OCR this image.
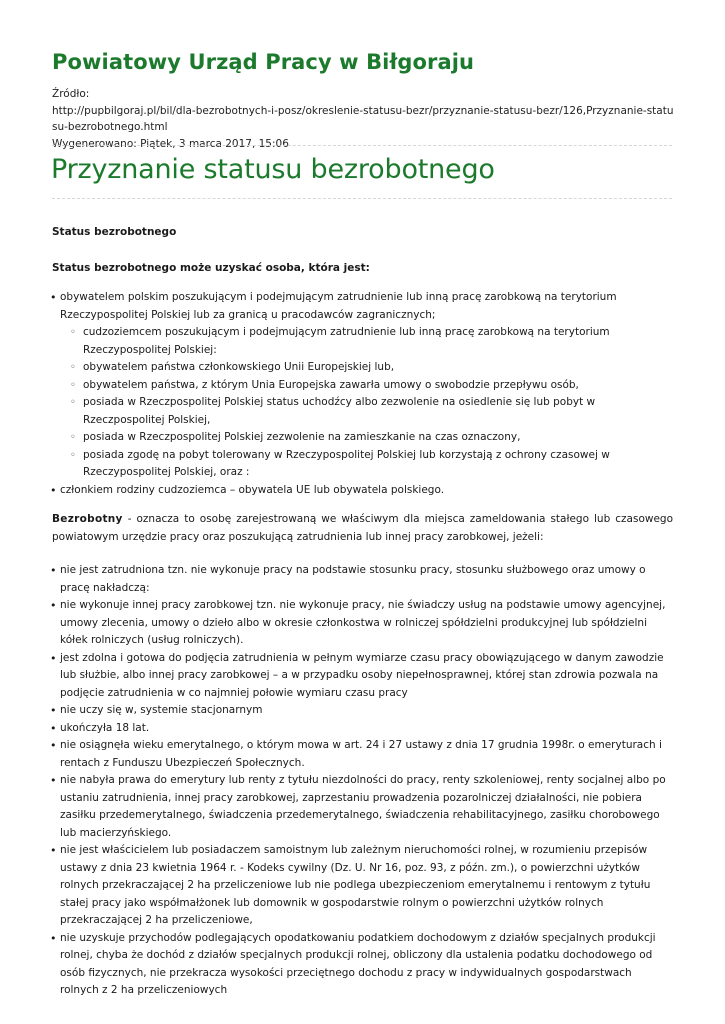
Powiatowy Urząd Pracy w Biłgoraju
Źródło:
http://pupbilgoraj.pl/bil/dla-bezrobotnych-i-posz/okreslenie-statusu-bezr/przyznanie-statusu-bezr/126,Przyznanie-statusu-bezrobotnego.html
Wygenerowano: Piątek, 3 marca 2017, 15:06
Przyznanie statusu bezrobotnego

Status bezrobotnego

Status bezrobotnego może uzyskać osoba, która jest:

• obywatelem polskim poszukującym i podejmującym zatrudnienie lub inną pracę zarobkową na terytorium Rzeczypospolitej Polskiej lub za granicą u pracodawców zagranicznych;
◦ cudzoziemcem poszukującym i podejmującym zatrudnienie lub inną pracę zarobkową na terytorium Rzeczypospolitej Polskiej:
◦ obywatelem państwa członkowskiego Unii Europejskiej lub,
◦ obywatelem państwa, z którym Unia Europejska zawarła umowy o swobodzie przepływu osób,
◦ posiada w Rzeczpospolitej Polskiej status uchodźcy albo zezwolenie na osiedlenie się lub pobyt w Rzeczpospolitej Polskiej,
◦ posiada w Rzeczpospolitej Polskiej zezwolenie na zamieszkanie na czas oznaczony,
◦ posiada zgodę na pobyt tolerowany w Rzeczypospolitej Polskiej lub korzystają z ochrony czasowej w Rzeczypospolitej Polskiej, oraz :
• członkiem rodziny cudzoziemca – obywatela UE lub obywatela polskiego.

Bezrobotny - oznacza to osobę zarejestrowaną we właściwym dla miejsca zameldowania stałego lub czasowego powiatowym urzędzie pracy oraz poszukującą zatrudnienia lub innej pracy zarobkowej, jeżeli:

• nie jest zatrudniona tzn. nie wykonuje pracy na podstawie stosunku pracy, stosunku służbowego oraz umowy o pracę nakładczą:
• nie wykonuje innej pracy zarobkowej tzn. nie wykonuje pracy, nie świadczy usług na podstawie umowy agencyjnej, umowy zlecenia, umowy o dzieło albo w okresie członkostwa w rolniczej spółdzielni produkcyjnej lub spółdzielni kółek rolniczych (usług rolniczych).
• jest zdolna i gotowa do podjęcia zatrudnienia w pełnym wymiarze czasu pracy obowiązującego w danym zawodzie lub służbie, albo innej pracy zarobkowej – a w przypadku osoby niepełnosprawnej, której stan zdrowia pozwala na podjęcie zatrudnienia w co najmniej połowie wymiaru czasu pracy
• nie uczy się w, systemie stacjonarnym
• ukończyła 18 lat.
• nie osiągnęła wieku emerytalnego, o którym mowa w art. 24 i 27 ustawy z dnia 17 grudnia 1998r. o emeryturach i rentach z Funduszu Ubezpieczeń Społecznych.
• nie nabyła prawa do emerytury lub renty z tytułu niezdolności do pracy, renty szkoleniowej, renty socjalnej albo po ustaniu zatrudnienia, innej pracy zarobkowej, zaprzestaniu prowadzenia pozarolniczej działalności, nie pobiera zasiłku przedemerytalnego, świadczenia przedemerytalnego, świadczenia rehabilitacyjnego, zasiłku chorobowego lub macierzyńskiego.
• nie jest właścicielem lub posiadaczem samoistnym lub zależnym nieruchomości rolnej, w rozumieniu przepisów ustawy z dnia 23 kwietnia 1964 r. - Kodeks cywilny (Dz. U. Nr 16, poz. 93, z późn. zm.), o powierzchni użytków rolnych przekraczającej 2 ha przeliczeniowe lub nie podlega ubezpieczeniom emerytalnemu i rentowym z tytułu stałej pracy jako współmałżonek lub domownik w gospodarstwie rolnym o powierzchni użytków rolnych przekraczającej 2 ha przeliczeniowe,
• nie uzyskuje przychodów podlegających opodatkowaniu podatkiem dochodowym z działów specjalnych produkcji rolnej, chyba że dochód z działów specjalnych produkcji rolnej, obliczony dla ustalenia podatku dochodowego od osób fizycznych, nie przekracza wysokości przeciętnego dochodu z pracy w indywidualnych gospodarstwach rolnych z 2 ha przeliczeniowych
